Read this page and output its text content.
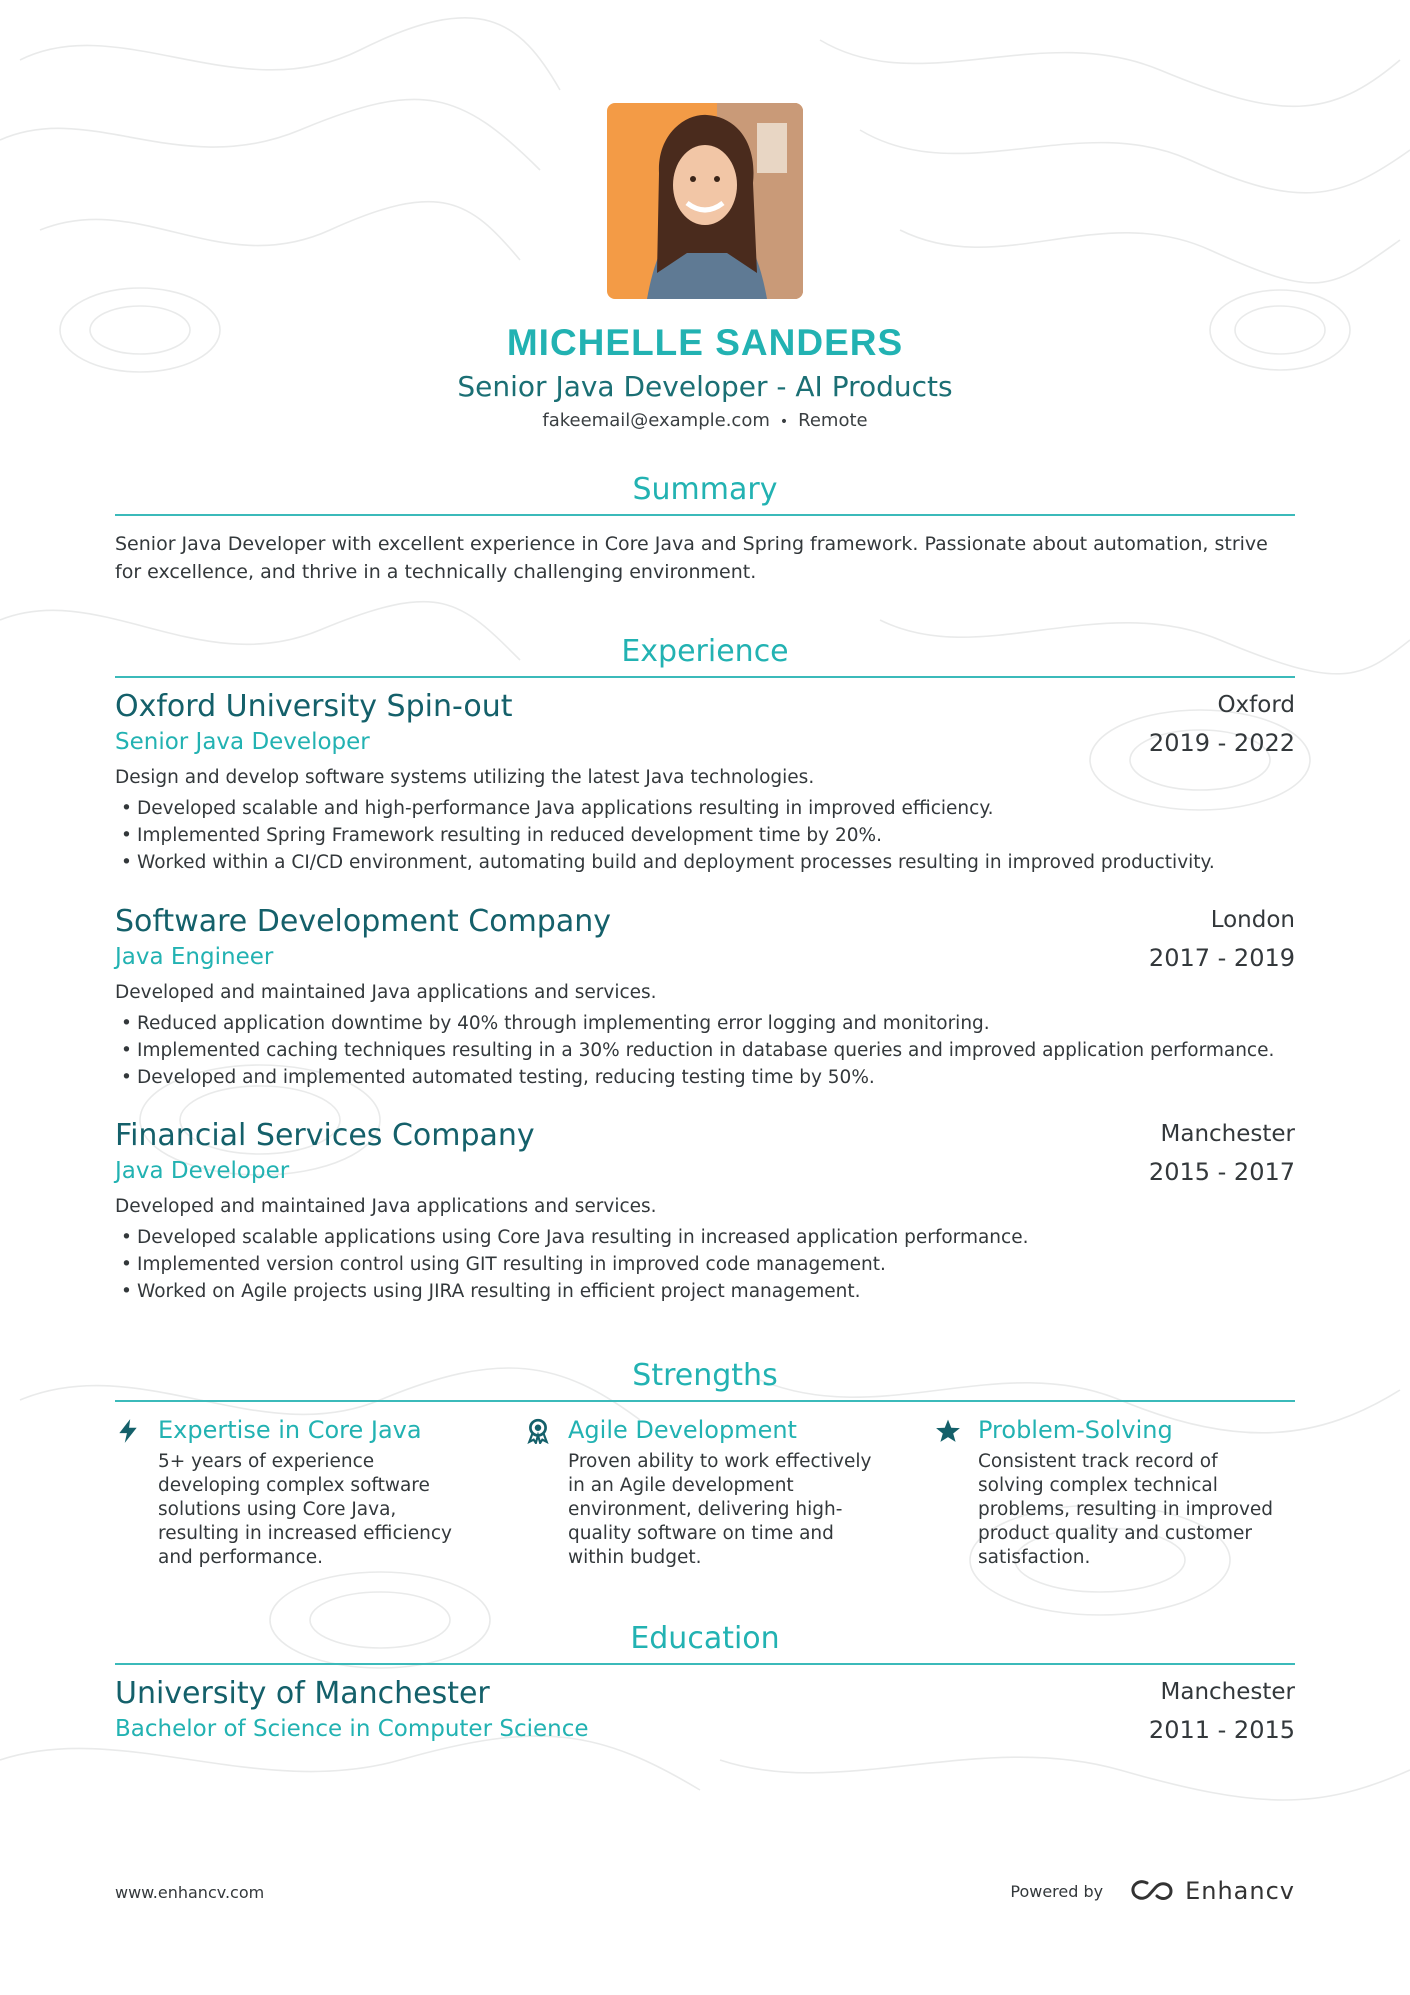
MICHELLE SANDERS
Senior Java Developer - AI Products
fakeemail@example.com • Remote
Summary
Senior Java Developer with excellent experience in Core Java and Spring framework. Passionate about automation, strive for excellence, and thrive in a technically challenging environment.
Experience
Oxford University Spin-out
Senior Java Developer
Oxford
2019 - 2022
Design and develop software systems utilizing the latest Java technologies.
• Developed scalable and high-performance Java applications resulting in improved efficiency.
• Implemented Spring Framework resulting in reduced development time by 20%.
• Worked within a CI/CD environment, automating build and deployment processes resulting in improved productivity.
Software Development Company
Java Engineer
London
2017 - 2019
Developed and maintained Java applications and services.
• Reduced application downtime by 40% through implementing error logging and monitoring.
• Implemented caching techniques resulting in a 30% reduction in database queries and improved application performance.
• Developed and implemented automated testing, reducing testing time by 50%.
Financial Services Company
Java Developer
Manchester
2015 - 2017
Developed and maintained Java applications and services.
• Developed scalable applications using Core Java resulting in increased application performance.
• Implemented version control using GIT resulting in improved code management.
• Worked on Agile projects using JIRA resulting in efficient project management.
Strengths
Expertise in Core Java
5+ years of experience developing complex software solutions using Core Java, resulting in increased efficiency and performance.
Agile Development
Proven ability to work effectively in an Agile development environment, delivering high-quality software on time and within budget.
Problem-Solving
Consistent track record of solving complex technical problems, resulting in improved product quality and customer satisfaction.
Education
University of Manchester
Bachelor of Science in Computer Science
Manchester
2011 - 2015
www.enhancv.com	Powered by	Enhancv
